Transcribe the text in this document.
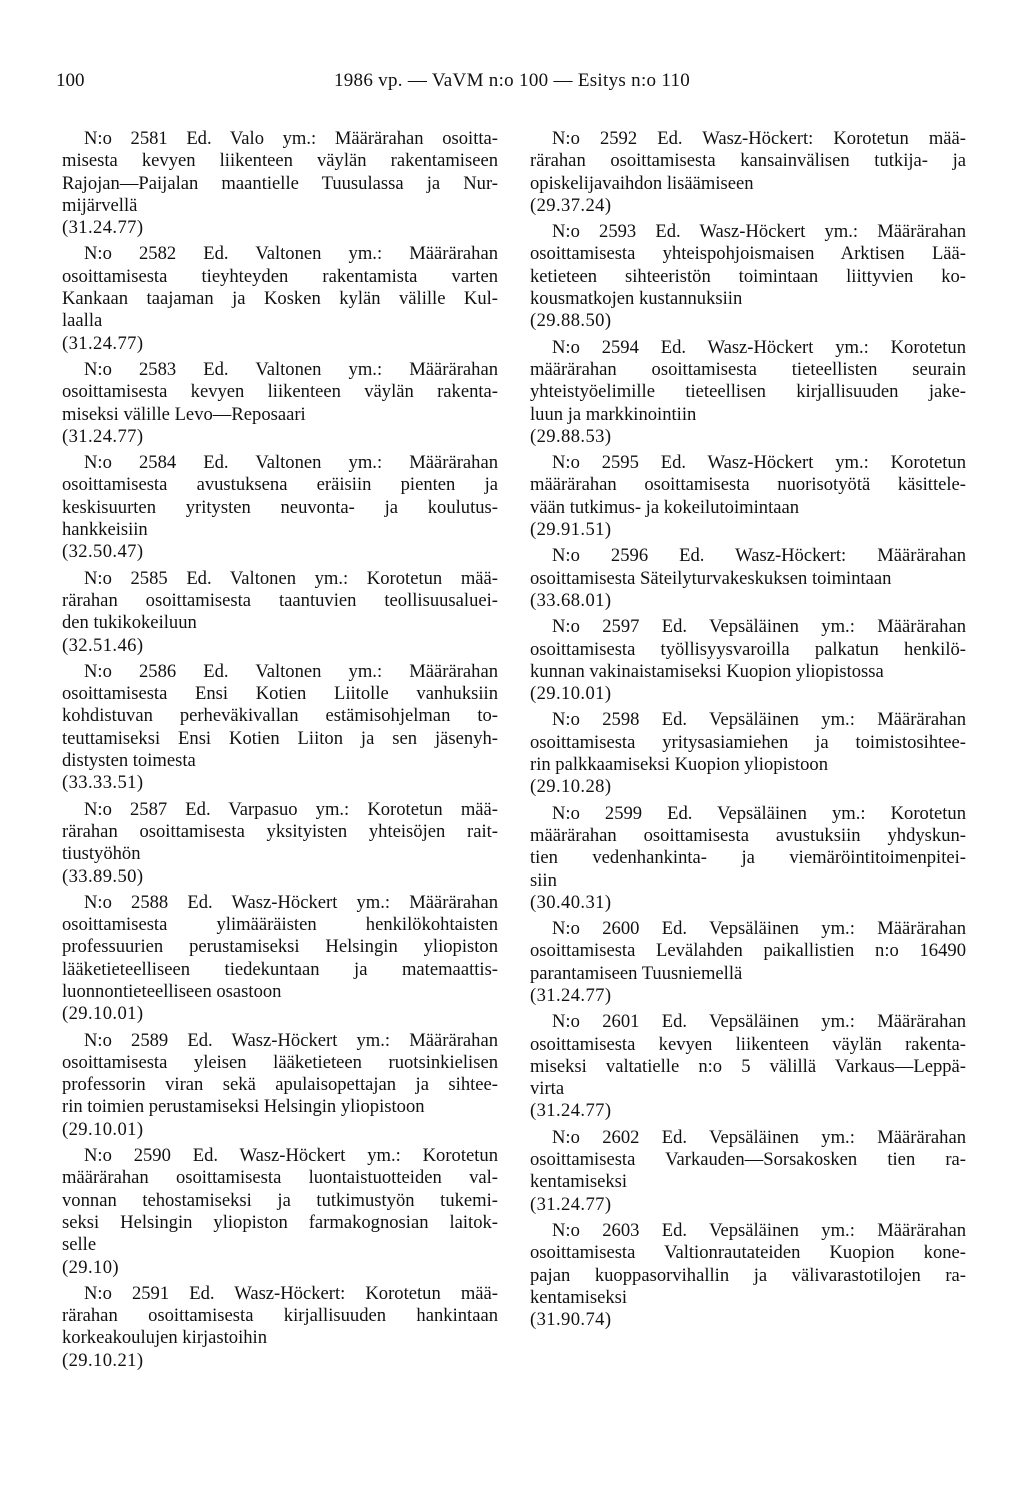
100	1986 vp. — VaVM n:o 100 — Esitys n:o 110
N:o 2581 Ed. Valo ym.: Määrärahan osoitta-
misesta kevyen liikenteen väylän rakentamiseen
Rajojan—Paijalan maantielle Tuusulassa ja Nur-
mijärvellä
(31.24.77)
N:o 2582 Ed. Valtonen ym.: Määrärahan
osoittamisesta tieyhteyden rakentamista varten
Kankaan taajaman ja Kosken kylän välille Kul-
laalla
(31.24.77)
N:o 2583 Ed. Valtonen ym.: Määrärahan
osoittamisesta kevyen liikenteen väylän rakenta-
miseksi välille Levo—Reposaari
(31.24.77)
N:o 2584 Ed. Valtonen ym.: Määrärahan
osoittamisesta avustuksena eräisiin pienten ja
keskisuurten yritysten neuvonta- ja koulutus-
hankkeisiin
(32.50.47)
N:o 2585 Ed. Valtonen ym.: Korotetun mää-
rärahan osoittamisesta taantuvien teollisuusaluei-
den tukikokeiluun
(32.51.46)
N:o 2586 Ed. Valtonen ym.: Määrärahan
osoittamisesta Ensi Kotien Liitolle vanhuksiin
kohdistuvan perheväkivallan estämisohjelman to-
teuttamiseksi Ensi Kotien Liiton ja sen jäsenyh-
distysten toimesta
(33.33.51)
N:o 2587 Ed. Varpasuo ym.: Korotetun mää-
rärahan osoittamisesta yksityisten yhteisöjen rait-
tiustyöhön
(33.89.50)
N:o 2588 Ed. Wasz-Höckert ym.: Määrärahan
osoittamisesta ylimääräisten henkilökohtaisten
professuurien perustamiseksi Helsingin yliopiston
lääketieteelliseen tiedekuntaan ja matemaattis-
luonnontieteelliseen osastoon
(29.10.01)
N:o 2589 Ed. Wasz-Höckert ym.: Määrärahan
osoittamisesta yleisen lääketieteen ruotsinkielisen
professorin viran sekä apulaisopettajan ja sihtee-
rin toimien perustamiseksi Helsingin yliopistoon
(29.10.01)
N:o 2590 Ed. Wasz-Höckert ym.: Korotetun
määrärahan osoittamisesta luontaistuotteiden val-
vonnan tehostamiseksi ja tutkimustyön tukemi-
seksi Helsingin yliopiston farmakognosian laitok-
selle
(29.10)
N:o 2591 Ed. Wasz-Höckert: Korotetun mää-
rärahan osoittamisesta kirjallisuuden hankintaan
korkeakoulujen kirjastoihin
(29.10.21)
N:o 2592 Ed. Wasz-Höckert: Korotetun mää-
rärahan osoittamisesta kansainvälisen tutkija- ja
opiskelijavaihdon lisäämiseen
(29.37.24)
N:o 2593 Ed. Wasz-Höckert ym.: Määrärahan
osoittamisesta yhteispohjoismaisen Arktisen Lää-
ketieteen sihteeristön toimintaan liittyvien ko-
kousmatkojen kustannuksiin
(29.88.50)
N:o 2594 Ed. Wasz-Höckert ym.: Korotetun
määrärahan osoittamisesta tieteellisten seurain
yhteistyöelimille tieteellisen kirjallisuuden jake-
luun ja markkinointiin
(29.88.53)
N:o 2595 Ed. Wasz-Höckert ym.: Korotetun
määrärahan osoittamisesta nuorisotyötä käsittele-
vään tutkimus- ja kokeilutoimintaan
(29.91.51)
N:o 2596 Ed. Wasz-Höckert: Määrärahan
osoittamisesta Säteilyturvakeskuksen toimintaan
(33.68.01)
N:o 2597 Ed. Vepsäläinen ym.: Määrärahan
osoittamisesta työllisyysvaroilla palkatun henkilö-
kunnan vakinaistamiseksi Kuopion yliopistossa
(29.10.01)
N:o 2598 Ed. Vepsäläinen ym.: Määrärahan
osoittamisesta yritysasiamiehen ja toimistosihtee-
rin palkkaamiseksi Kuopion yliopistoon
(29.10.28)
N:o 2599 Ed. Vepsäläinen ym.: Korotetun
määrärahan osoittamisesta avustuksiin yhdyskun-
tien vedenhankinta- ja viemäröintitoimenpitei-
siin
(30.40.31)
N:o 2600 Ed. Vepsäläinen ym.: Määrärahan
osoittamisesta Levälahden paikallistien n:o 16490
parantamiseen Tuusniemellä
(31.24.77)
N:o 2601 Ed. Vepsäläinen ym.: Määrärahan
osoittamisesta kevyen liikenteen väylän rakenta-
miseksi valtatielle n:o 5 välillä Varkaus—Leppä-
virta
(31.24.77)
N:o 2602 Ed. Vepsäläinen ym.: Määrärahan
osoittamisesta Varkauden—Sorsakosken tien ra-
kentamiseksi
(31.24.77)
N:o 2603 Ed. Vepsäläinen ym.: Määrärahan
osoittamisesta Valtionrautateiden Kuopion kone-
pajan kuoppasorvihallin ja välivarastotilojen ra-
kentamiseksi
(31.90.74)
